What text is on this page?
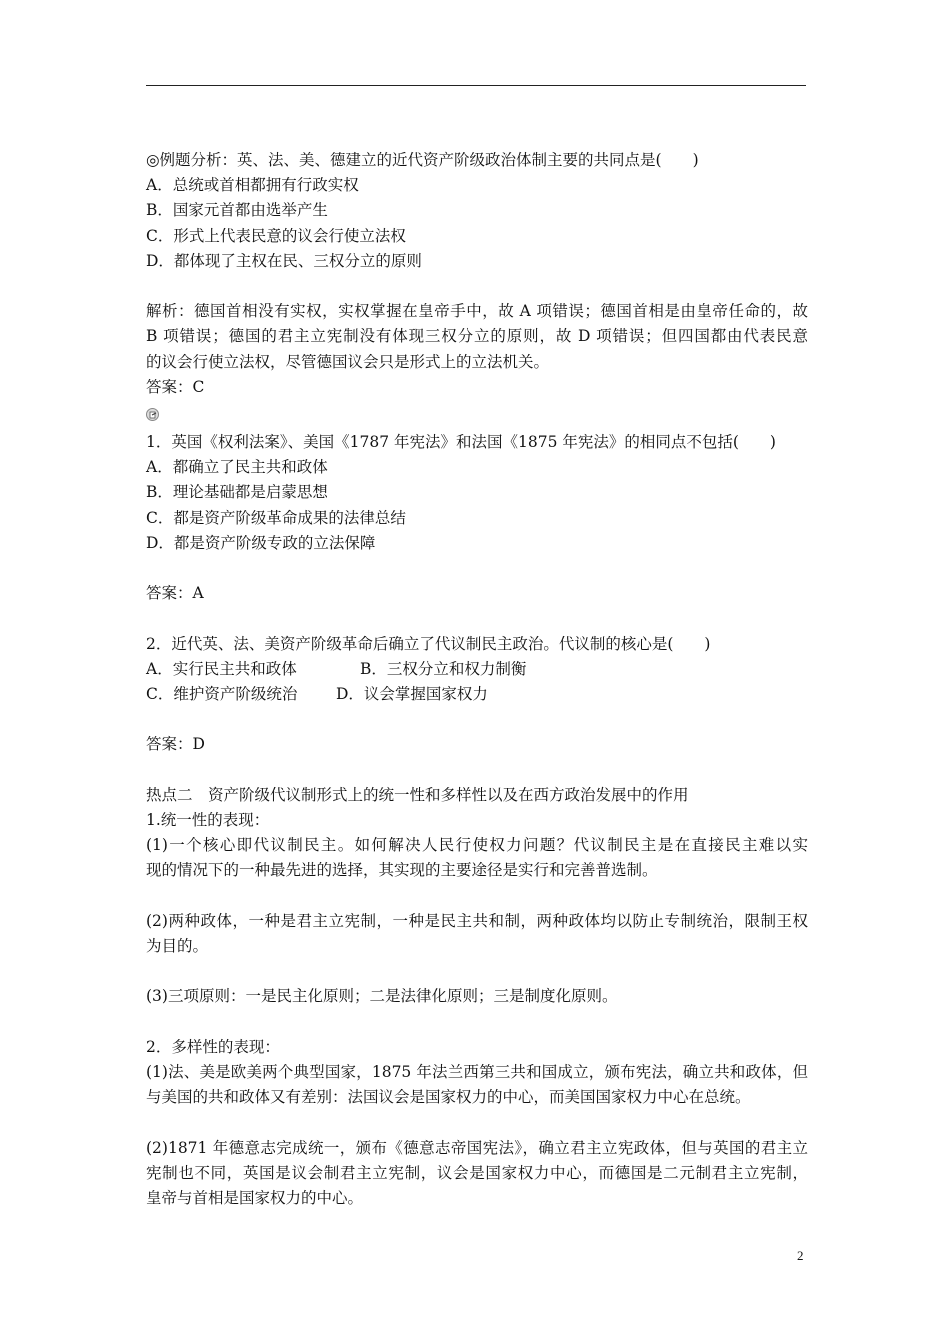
◎例题分析：英、法、美、德建立的近代资产阶级政治体制主要的共同点是(　　)
A．总统或首相都拥有行政实权
B．国家元首都由选举产生
C．形式上代表民意的议会行使立法权
D．都体现了主权在民、三权分立的原则
解析：德国首相没有实权，实权掌握在皇帝手中，故 A 项错误；德国首相是由皇帝任命的，故
B 项错误；德国的君主立宪制没有体现三权分立的原则，故 D 项错误；但四国都由代表民意
的议会行使立法权，尽管德国议会只是形式上的立法机关。
答案：C
1．英国《权利法案》、美国《1787 年宪法》和法国《1875 年宪法》的相同点不包括(　　)
A．都确立了民主共和政体
B．理论基础都是启蒙思想
C．都是资产阶级革命成果的法律总结
D．都是资产阶级专政的立法保障
答案：A
2．近代英、法、美资产阶级革命后确立了代议制民主政治。代议制的核心是(　　)
A．实行民主共和政体	B．三权分立和权力制衡
C．维护资产阶级统治	D．议会掌握国家权力
答案：D
热点二　资产阶级代议制形式上的统一性和多样性以及在西方政治发展中的作用
1.统一性的表现：
(1)一个核心即代议制民主。如何解决人民行使权力问题？代议制民主是在直接民主难以实
现的情况下的一种最先进的选择，其实现的主要途径是实行和完善普选制。
(2)两种政体，一种是君主立宪制，一种是民主共和制，两种政体均以防止专制统治，限制王权
为目的。
(3)三项原则：一是民主化原则；二是法律化原则；三是制度化原则。
2．多样性的表现：
(1)法、美是欧美两个典型国家，1875 年法兰西第三共和国成立，颁布宪法，确立共和政体，但
与美国的共和政体又有差别：法国议会是国家权力的中心，而美国国家权力中心在总统。
(2)1871 年德意志完成统一，颁布《德意志帝国宪法》，确立君主立宪政体，但与英国的君主立
宪制也不同，英国是议会制君主立宪制，议会是国家权力中心，而德国是二元制君主立宪制，
皇帝与首相是国家权力的中心。
2
